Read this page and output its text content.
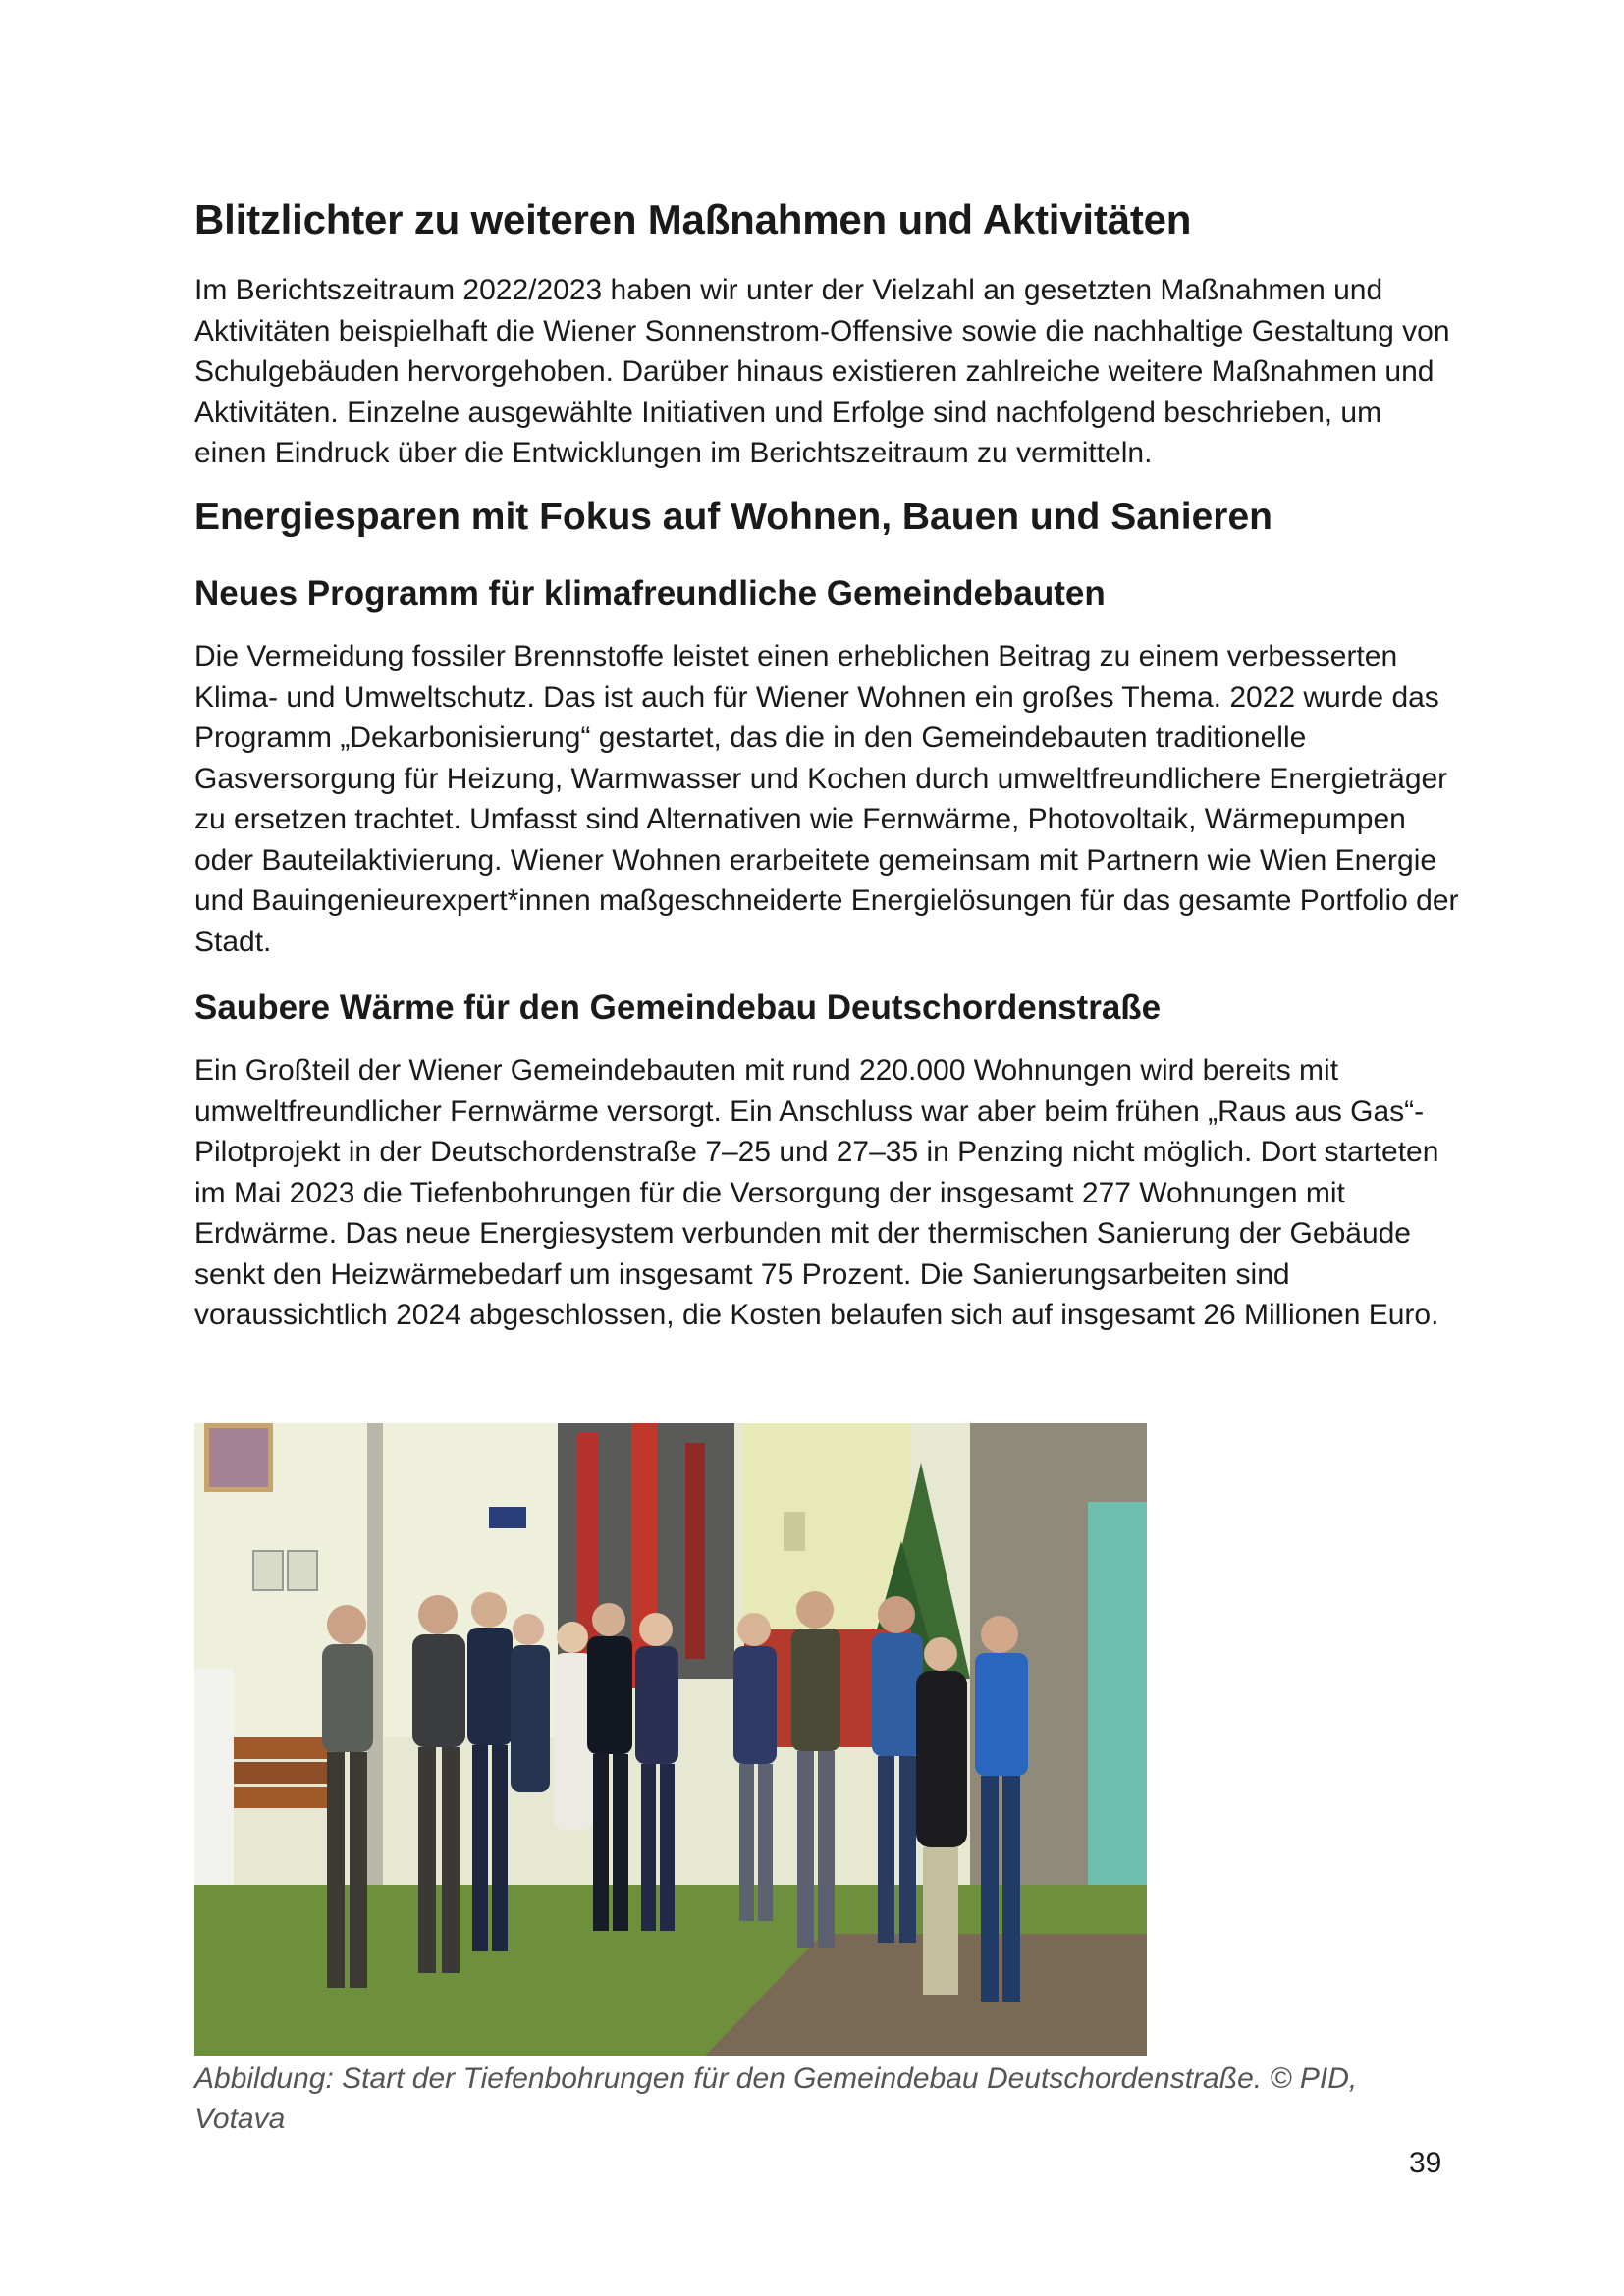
Blitzlichter zu weiteren Maßnahmen und Aktivitäten

Im Berichtszeitraum 2022/2023 haben wir unter der Vielzahl an gesetzten Maßnahmen und Aktivitäten beispielhaft die Wiener Sonnenstrom-Offensive sowie die nachhaltige Gestaltung von Schulgebäuden hervorgehoben. Darüber hinaus existieren zahlreiche weitere Maßnahmen und Aktivitäten. Einzelne ausgewählte Initiativen und Erfolge sind nachfolgend beschrieben, um einen Eindruck über die Entwicklungen im Berichtszeitraum zu vermitteln.

Energiesparen mit Fokus auf Wohnen, Bauen und Sanieren
Neues Programm für klimafreundliche Gemeindebauten

Die Vermeidung fossiler Brennstoffe leistet einen erheblichen Beitrag zu einem verbesserten Klima- und Umweltschutz. Das ist auch für Wiener Wohnen ein großes Thema. 2022 wurde das Programm „Dekarbonisierung“ gestartet, das die in den Gemeindebauten traditionelle Gasversorgung für Heizung, Warmwasser und Kochen durch umweltfreundlichere Energieträger zu ersetzen trachtet. Umfasst sind Alternativen wie Fernwärme, Photovoltaik, Wärmepumpen oder Bauteilaktivierung. Wiener Wohnen erarbeitete gemeinsam mit Partnern wie Wien Energie und Bauingenieurexpert*innen maßgeschneiderte Energielösungen für das gesamte Portfolio der Stadt.

Saubere Wärme für den Gemeindebau Deutschordenstraße

Ein Großteil der Wiener Gemeindebauten mit rund 220.000 Wohnungen wird bereits mit umweltfreundlicher Fernwärme versorgt. Ein Anschluss war aber beim frühen „Raus aus Gas“-Pilotprojekt in der Deutschordenstraße 7–25 und 27–35 in Penzing nicht möglich. Dort starteten im Mai 2023 die Tiefenbohrungen für die Versorgung der insgesamt 277 Wohnungen mit Erdwärme. Das neue Energiesystem verbunden mit der thermischen Sanierung der Gebäude senkt den Heizwärmebedarf um insgesamt 75 Prozent. Die Sanierungsarbeiten sind voraussichtlich 2024 abgeschlossen, die Kosten belaufen sich auf insgesamt 26 Millionen Euro.

Abbildung: Start der Tiefenbohrungen für den Gemeindebau Deutschordenstraße. © PID, Votava

39
